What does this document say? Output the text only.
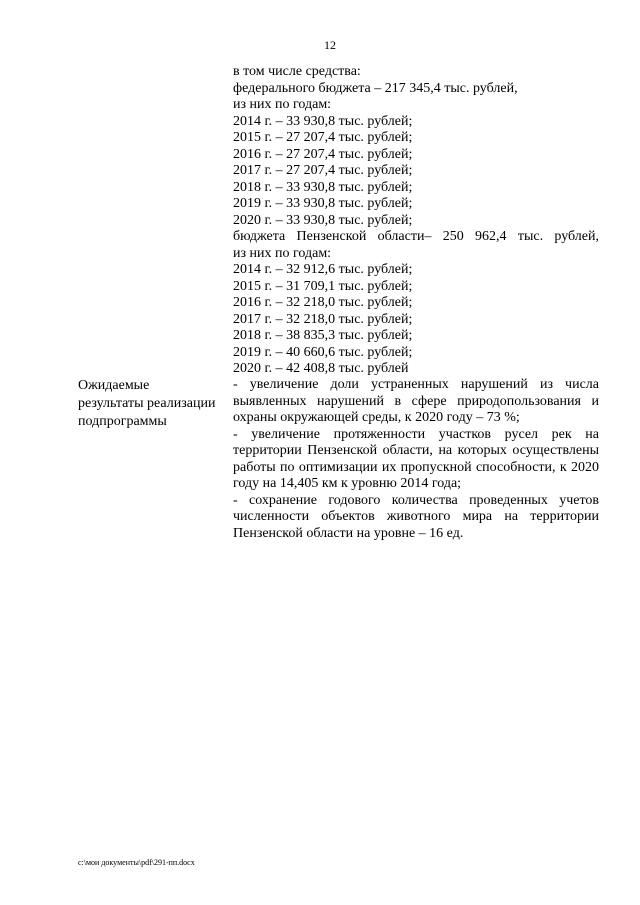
12
в том числе средства:
федерального бюджета – 217 345,4 тыс. рублей,
из них по годам:
2014 г. – 33 930,8 тыс. рублей;
2015 г. – 27 207,4 тыс. рублей;
2016 г. – 27 207,4 тыс. рублей;
2017 г. – 27 207,4 тыс. рублей;
2018 г. – 33 930,8 тыс. рублей;
2019 г. – 33 930,8 тыс. рублей;
2020 г. – 33 930,8 тыс. рублей;
бюджета Пензенской области– 250 962,4 тыс. рублей,
из них по годам:
2014 г. – 32 912,6 тыс. рублей;
2015 г. – 31 709,1 тыс. рублей;
2016 г. – 32 218,0 тыс. рублей;
2017 г. – 32 218,0 тыс. рублей;
2018 г. – 38 835,3 тыс. рублей;
2019 г. – 40 660,6 тыс. рублей;
2020 г. – 42 408,8 тыс. рублей
Ожидаемые результаты реализации подпрограммы
- увеличение доли устраненных нарушений из числа выявленных нарушений в сфере природопользования и охраны окружающей среды, к 2020 году – 73 %;
- увеличение протяженности участков русел рек на территории Пензенской области, на которых осуществлены работы по оптимизации их пропускной способности, к 2020 году на 14,405 км к уровню 2014 года;
- сохранение годового количества проведенных учетов численности объектов животного мира на территории Пензенской области на уровне – 16 ед.
c:\мои документы\pdf\291-пп.docx
